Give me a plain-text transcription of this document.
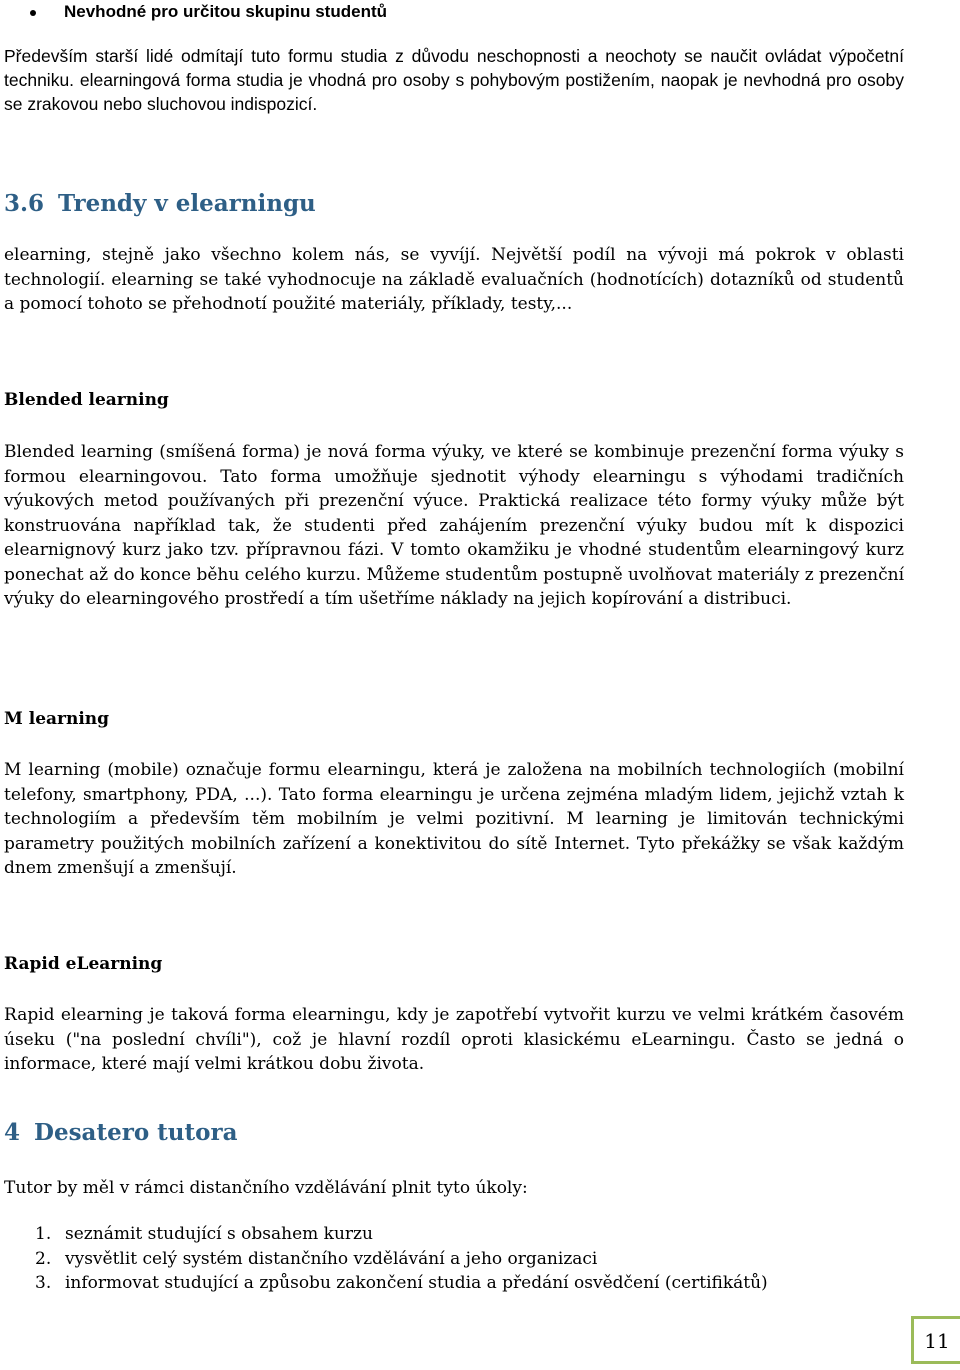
Nevhodné pro určitou skupinu studentů

Především starší lidé odmítají tuto formu studia z důvodu neschopnosti a neochoty se naučit ovládat výpočetní techniku. elearningová forma studia je vhodná pro osoby s pohybovým postižením, naopak je nevhodná pro osoby se zrakovou nebo sluchovou indispozicí.

3.6 Trendy v elearningu

elearning, stejně jako všechno kolem nás, se vyvíjí. Největší podíl na vývoji má pokrok v oblasti technologií. elearning se také vyhodnocuje na základě evaluačních (hodnotících) dotazníků od studentů a pomocí tohoto se přehodnotí použité materiály, příklady, testy,...

Blended learning

Blended learning (smíšená forma) je nová forma výuky, ve které se kombinuje prezenční forma výuky s formou elearningovou. Tato forma umožňuje sjednotit výhody elearningu s výhodami tradičních výukových metod používaných při prezenční výuce. Praktická realizace této formy výuky může být konstruována například tak, že studenti před zahájením prezenční výuky budou mít k dispozici elearnignový kurz jako tzv. přípravnou fázi. V tomto okamžiku je vhodné studentům elearningový kurz ponechat až do konce běhu celého kurzu. Můžeme studentům postupně uvolňovat materiály z prezenční výuky do elearningového prostředí a tím ušetříme náklady na jejich kopírování a distribuci.

M learning

M learning (mobile) označuje formu elearningu, která je založena na mobilních technologiích (mobilní telefony, smartphony, PDA, ...). Tato forma elearningu je určena zejména mladým lidem, jejichž vztah k technologiím a především těm mobilním je velmi pozitivní. M learning je limitován technickými parametry použitých mobilních zařízení a konektivitou do sítě Internet. Tyto překážky se však každým dnem zmenšují a zmenšují.

Rapid eLearning

Rapid elearning je taková forma elearningu, kdy je zapotřebí vytvořit kurzu ve velmi krátkém časovém úseku ("na poslední chvíli"), což je hlavní rozdíl oproti klasickému eLearningu. Často se jedná o informace, které mají velmi krátkou dobu života.

4 Desatero tutora

Tutor by měl v rámci distančního vzdělávání plnit tyto úkoly:

1. seznámit studující s obsahem kurzu
2. vysvětlit celý systém distančního vzdělávání a jeho organizaci
3. informovat studující a způsobu zakončení studia a předání osvědčení (certifikátů)
11
